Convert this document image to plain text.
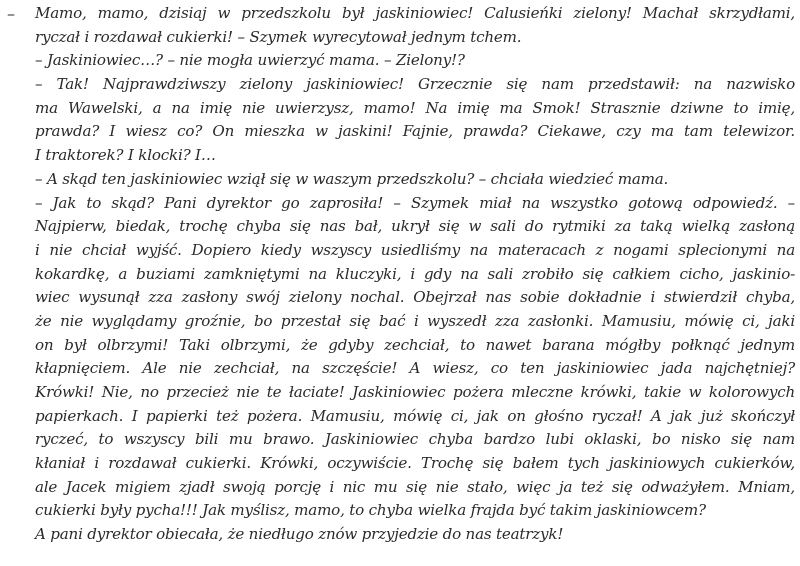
– Mamo, mamo, dzisiaj w przedszkolu był jaskiniowiec! Calusieńki zielony! Machał skrzydłami,
ryczał i rozdawał cukierki! – Szymek wyrecytował jednym tchem.
– Jaskiniowiec…? – nie mogła uwierzyć mama. – Zielony!?
– Tak! Najprawdziwszy zielony jaskiniowiec! Grzecznie się nam przedstawił: na nazwisko
ma Wawelski, a na imię nie uwierzysz, mamo! Na imię ma Smok! Strasznie dziwne to imię,
prawda? I wiesz co? On mieszka w jaskini! Fajnie, prawda? Ciekawe, czy ma tam telewizor.
I traktorek? I klocki? I…
– A skąd ten jaskiniowiec wziął się w waszym przedszkolu? – chciała wiedzieć mama.
– Jak to skąd? Pani dyrektor go zaprosiła! – Szymek miał na wszystko gotową odpowiedź. –
Najpierw, biedak, trochę chyba się nas bał, ukrył się w sali do rytmiki za taką wielką zasłoną
i nie chciał wyjść. Dopiero kiedy wszyscy usiedliśmy na materacach z nogami splecionymi na
kokardkę, a buziami zamkniętymi na kluczyki, i gdy na sali zrobiło się całkiem cicho, jaskinio-
wiec wysunął zza zasłony swój zielony nochal. Obejrzał nas sobie dokładnie i stwierdził chyba,
że nie wyglądamy groźnie, bo przestał się bać i wyszedł zza zasłonki. Mamusiu, mówię ci, jaki
on był olbrzymi! Taki olbrzymi, że gdyby zechciał, to nawet barana mógłby połknąć jednym
kłapnięciem. Ale nie zechciał, na szczęście! A wiesz, co ten jaskiniowiec jada najchętniej?
Krówki! Nie, no przecież nie te łaciate! Jaskiniowiec pożera mleczne krówki, takie w kolorowych
papierkach. I papierki też pożera. Mamusiu, mówię ci, jak on głośno ryczał! A jak już skończył
ryczeć, to wszyscy bili mu brawo. Jaskiniowiec chyba bardzo lubi oklaski, bo nisko się nam
kłaniał i rozdawał cukierki. Krówki, oczywiście. Trochę się bałem tych jaskiniowych cukierków,
ale Jacek migiem zjadł swoją porcję i nic mu się nie stało, więc ja też się odważyłem. Mniam,
cukierki były pycha!!! Jak myślisz, mamo, to chyba wielka frajda być takim jaskiniowcem?
A pani dyrektor obiecała, że niedługo znów przyjedzie do nas teatrzyk!
